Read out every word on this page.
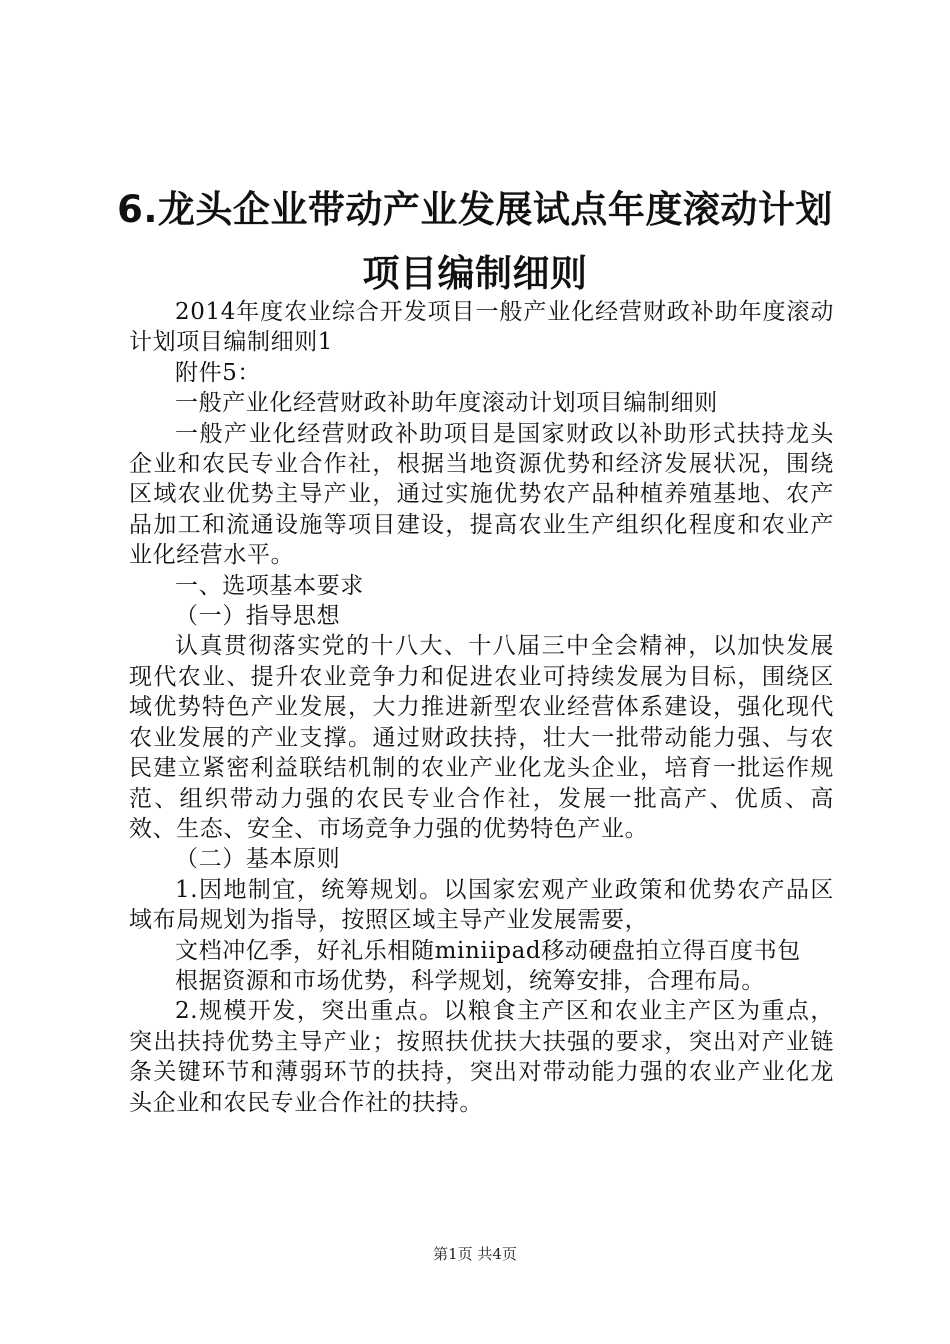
6.龙头企业带动产业发展试点年度滚动计划项目编制细则

2014年度农业综合开发项目一般产业化经营财政补助年度滚动计划项目编制细则1

附件5：

一般产业化经营财政补助年度滚动计划项目编制细则

一般产业化经营财政补助项目是国家财政以补助形式扶持龙头企业和农民专业合作社，根据当地资源优势和经济发展状况，围绕区域农业优势主导产业，通过实施优势农产品种植养殖基地、农产品加工和流通设施等项目建设，提高农业生产组织化程度和农业产业化经营水平。

一、选项基本要求

（一）指导思想

认真贯彻落实党的十八大、十八届三中全会精神，以加快发展现代农业、提升农业竞争力和促进农业可持续发展为目标，围绕区域优势特色产业发展，大力推进新型农业经营体系建设，强化现代农业发展的产业支撑。通过财政扶持，壮大一批带动能力强、与农民建立紧密利益联结机制的农业产业化龙头企业，培育一批运作规范、组织带动力强的农民专业合作社，发展一批高产、优质、高效、生态、安全、市场竞争力强的优势特色产业。

（二）基本原则

1.因地制宜，统筹规划。以国家宏观产业政策和优势农产品区域布局规划为指导，按照区域主导产业发展需要，

文档冲亿季，好礼乐相随miniipad移动硬盘拍立得百度书包

根据资源和市场优势，科学规划，统筹安排，合理布局。

2.规模开发，突出重点。以粮食主产区和农业主产区为重点，突出扶持优势主导产业；按照扶优扶大扶强的要求，突出对产业链条关键环节和薄弱环节的扶持，突出对带动能力强的农业产业化龙头企业和农民专业合作社的扶持。

第1页 共4页
